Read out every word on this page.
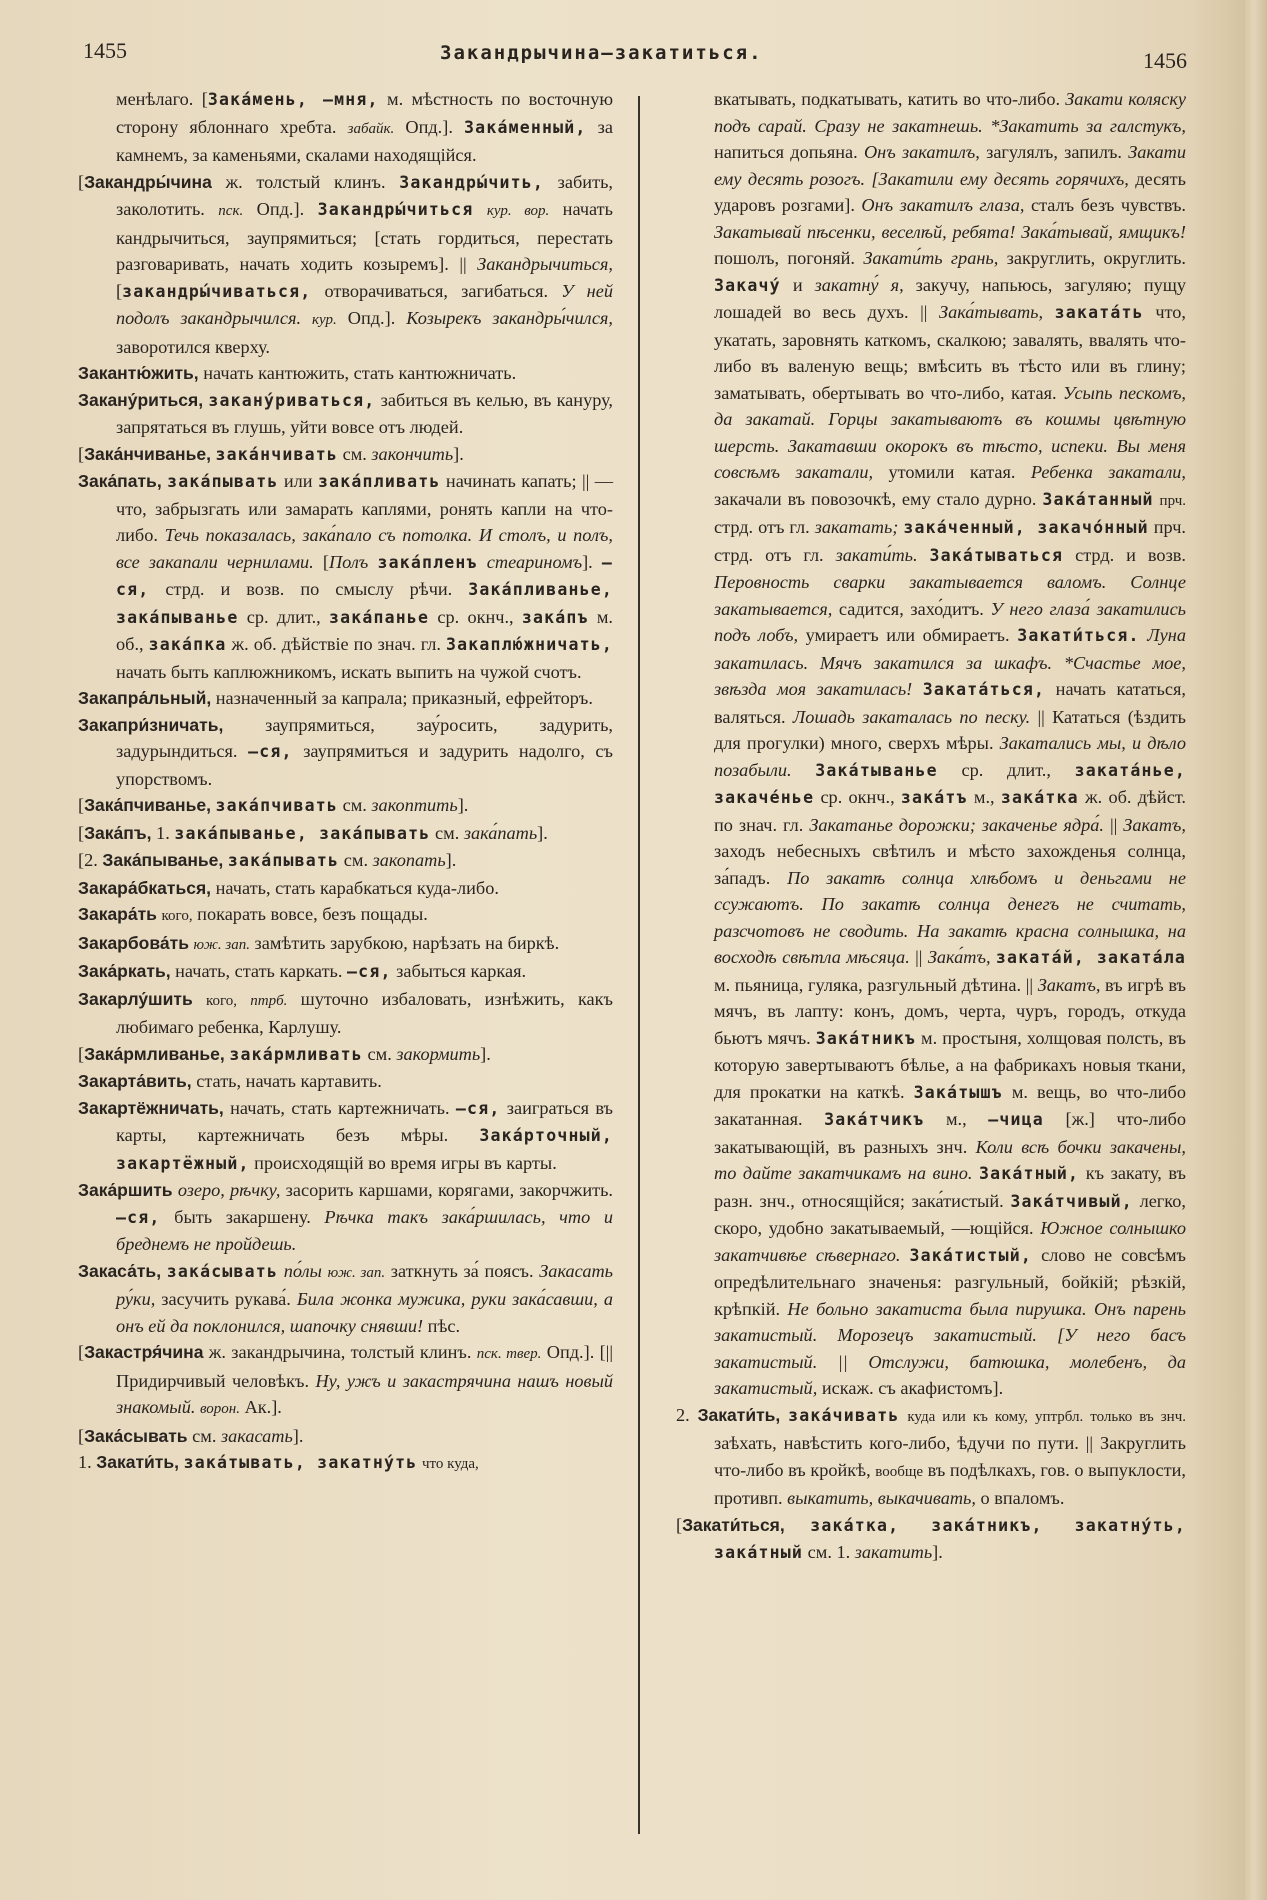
1455	Закандрычина—закатиться.	1456

менѣлаго. [Зака́мень, —мня, м. мѣстность по восточную сторону яблоннаго хребта. забайк. Опд.]. Зака́менный, за камнемъ, за каменьями, скалами находящійся.

[Закандры́чина ж. толстый клинъ. Закандры́чить, забить, заколотить. пск. Опд.]. Закандры́читься кур. вор. начать кандрычиться, заупрямиться; [стать гордиться, перестать разговаривать, начать ходить козыремъ]. || Закандрычиться, [закандры́чиваться, отворачиваться, загибаться. У ней подолъ закандрычился. кур. Опд.]. Козырекъ закандры́чился, заворотился кверху.

Закантю́жить, начать кантюжить, стать кантюжничать.

Закану́риться, закану́риваться, забиться въ келью, въ кануру, запрятаться въ глушь, уйти вовсе отъ людей.

[Зака́нчиванье, зака́нчивать см. закончить].

Зака́пать, зака́пывать или зака́пливать начинать капать; || —что, забрызгать или замарать каплями, ронять капли на что-либо. Течь показалась, зака́пало съ потолка. И столъ, и полъ, все закапали чернилами. [Полъ зака́пленъ стеариномъ]. —ся, стрд. и возв. по смыслу рѣчи. Зака́пливанье, зака́пыванье ср. длит., зака́панье ср. окнч., зака́пъ м. об., зака́пка ж. об. дѣйствіе по знач. гл. Закаплю́жничать, начать быть каплюжникомъ, искать выпить на чужой счотъ.

Закапра́льный, назначенный за капрала; приказный, ефрейторъ.

Закапри́зничать, заупрямиться, зау́росить, задурить, задурындиться. —ся, заупрямиться и задурить надолго, съ упорствомъ.

[Зака́пчиванье, зака́пчивать см. закоптить].

[Зака́пъ, 1. зака́пыванье, зака́пывать см. зака́пать].

[2. Зака́пыванье, зака́пывать см. закопать].

Закара́бкаться, начать, стать карабкаться куда-либо.

Закара́ть кого, покарать вовсе, безъ пощады.

Закарбова́ть юж. зап. замѣтить зарубкою, нарѣзать на биркѣ.

Зака́ркать, начать, стать каркать. —ся, забыться каркая.

Закарлу́шить кого, птрб. шуточно избаловать, изнѣжить, какъ любимаго ребенка, Карлушу.

[Зака́рмливанье, зака́рмливать см. закормить].

Закарта́вить, стать, начать картавить.

Закартёжничать, начать, стать картежничать. —ся, заиграться въ карты, картежничать безъ мѣры. Зака́рточный, закартёжный, происходящій во время игры въ карты.

Зака́ршить озеро, рѣчку, засорить каршами, корягами, закорчжить. —ся, быть закаршену. Рѣчка такъ зака́ршилась, что и бреднемъ не пройдешь.

Закаса́ть, зака́сывать по́лы юж. зап. заткнуть за́ поясъ. Закасать ру́ки, засучить рукава́. Била жонка мужика, руки зака́савши, а онъ ей да поклонился, шапочку снявши! пѣс.

[Закастря́чина ж. закандрычина, толстый клинъ. пск. твер. Опд.]. [|| Придирчивый человѣкъ. Ну, ужъ и закастрячина нашъ новый знакомый. ворон. Ак.].

[Зака́сывать см. закасать].

1. Закати́ть, зака́тывать, закатну́ть что куда,

вкатывать, подкатывать, катить во что-либо. Закати коляску подъ сарай. Сразу не закатнешь. *Закатить за галстукъ, напиться допьяна. Онъ закатилъ, загулялъ, запилъ. Закати ему десять розогъ. [Закатили ему десять горячихъ, десять ударовъ розгами]. Онъ закатилъ глаза, сталъ безъ чувствъ. Закатывай пѣсенки, веселѣй, ребята! Зака́тывай, ямщикъ! пошолъ, погоняй. Закати́ть грань, закруглить, округлить. Закачу́ и закатну́ я, закучу, напьюсь, загуляю; пущу лошадей во весь духъ. || Зака́тывать, заката́ть что, укатать, заровнять каткомъ, скалкою; завалять, ввалять что-либо въ валеную вещь; вмѣсить въ тѣсто или въ глину; заматывать, обертывать во что-либо, катая. Усыпь пескомъ, да закатай. Горцы закатываютъ въ кошмы цвѣтную шерсть. Закатавши окорокъ въ тѣсто, испеки. Вы меня совсѣмъ закатали, утомили катая. Ребенка закатали, закачали въ повозочкѣ, ему стало дурно. Зака́танный прч. стрд. отъ гл. закатать; зака́ченный, закачо́нный прч. стрд. отъ гл. закати́ть. Зака́тываться стрд. и возв. Перовность сварки закатывается валомъ. Солнце закатывается, садится, захо́дитъ. У него глаза́ закатились подъ лобъ, умираетъ или обмираетъ. Закати́ться. Луна закатилась. Мячъ закатился за шкафъ. *Счастье мое, звѣзда моя закатилась! Заката́ться, начать кататься, валяться. Лошадь закаталась по песку. || Кататься (ѣздить для прогулки) много, сверхъ мѣры. Закатались мы, и дѣло позабыли. Зака́тыванье ср. длит., заката́нье, закаче́нье ср. окнч., зака́тъ м., зака́тка ж. об. дѣйст. по знач. гл. Закатанье дорожки; закаченье ядра́. || Закатъ, заходъ небесныхъ свѣтилъ и мѣсто захожденья солнца, за́падъ. По закатѣ солнца хлѣбомъ и деньгами не ссужаютъ. По закатѣ солнца денегъ не считать, разсчотовъ не сводить. На закатѣ красна солнышка, на восходѣ свѣтла мѣсяца. || Зака́тъ, заката́й, заката́ла м. пьяница, гуляка, разгульный дѣтина. || Закатъ, въ игрѣ въ мячъ, въ лапту: конъ, домъ, черта, чуръ, городъ, откуда бьютъ мячъ. Зака́тникъ м. простыня, холщовая полсть, въ которую завертываютъ бѣлье, а на фабрикахъ новыя ткани, для прокатки на каткѣ. Зака́тышъ м. вещь, во что-либо закатанная. Зака́тчикъ м., —чица [ж.] что-либо закатывающій, въ разныхъ знч. Коли всѣ бочки закачены, то дайте закатчикамъ на вино. Зака́тный, къ закату, въ разн. знч., относящійся; зака́тистый. Зака́тчивый, легко, скоро, удобно закатываемый, —ющійся. Южное солнышко закатчивѣе сѣвернаго. Зака́тистый, слово не совсѣмъ опредѣлительнаго значенья: разгульный, бойкій; рѣзкій, крѣпкій. Не больно закатиста была пирушка. Онъ парень закатистый. Морозецъ закатистый. [У него басъ закатистый. || Отслужи, батюшка, молебенъ, да закатистый, искаж. съ акафистомъ].

2. Закати́ть, зака́чивать куда или къ кому, уптрбл. только въ знч. заѣхать, навѣстить кого-либо, ѣдучи по пути. || Закруглить что-либо въ кройкѣ, вообще въ подѣлкахъ, гов. о выпуклости, противп. выкатить, выкачивать, о впаломъ.

[Закати́ться, зака́тка, зака́тникъ, закатну́ть, зака́тный см. 1. закатить].
